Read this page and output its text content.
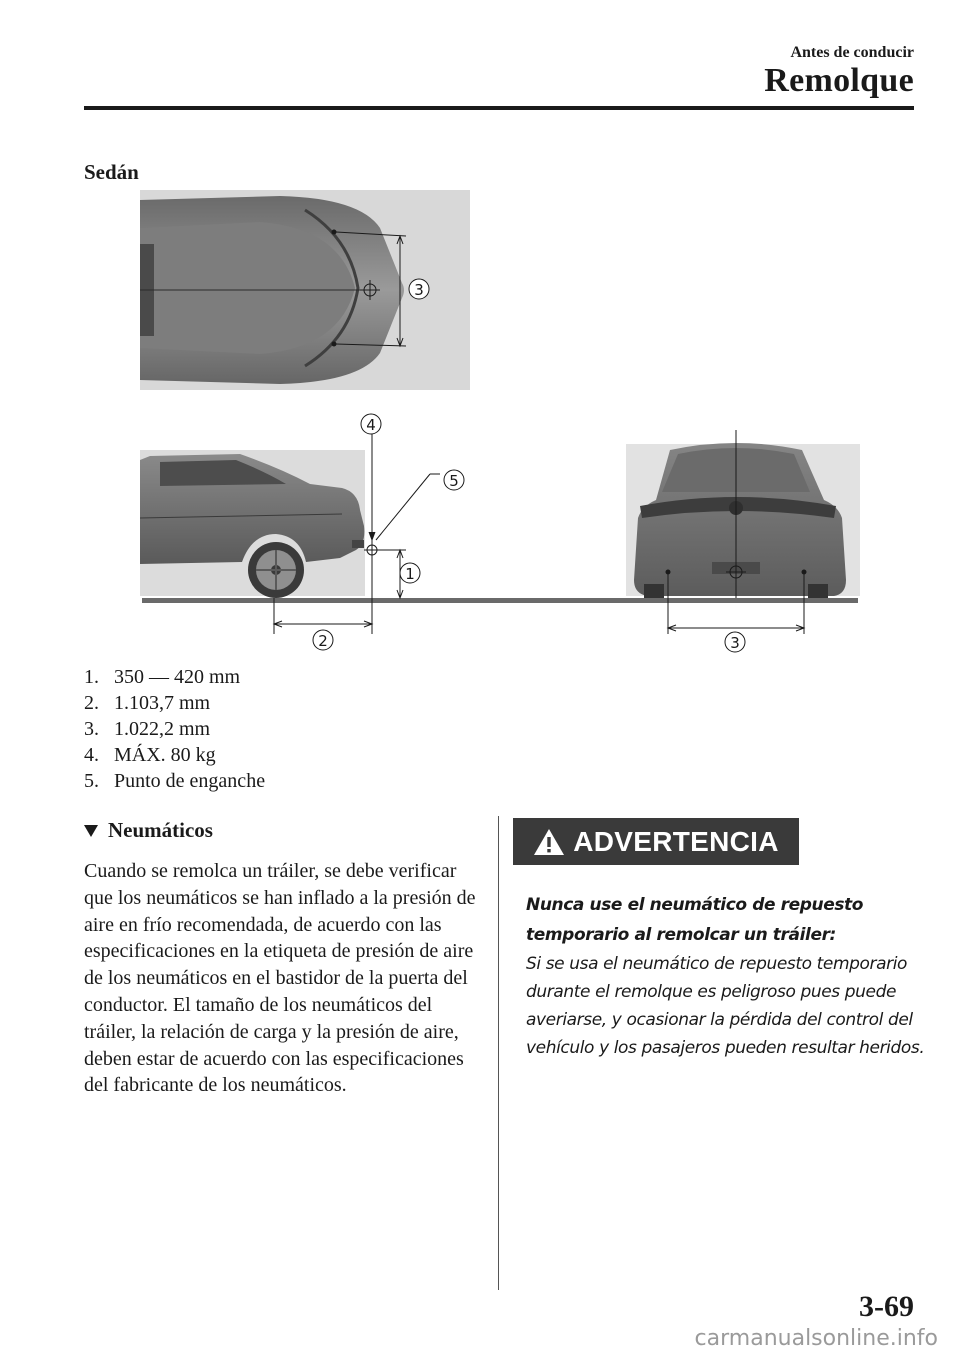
Antes de conducir
Remolque
Sedán
3
4
5
1
2	3
1. 350 ― 420 mm
2. 1.103,7 mm
3. 1.022,2 mm
4. MÁX. 80 kg
5. Punto de enganche
Neumáticos
Cuando se remolca un tráiler, se debe verificar que los neumáticos se han inflado a la presión de aire en frío recomendada, de acuerdo con las especificaciones en la etiqueta de presión de aire de los neumáticos en el bastidor de la puerta del conductor. El tamaño de los neumáticos del tráiler, la relación de carga y la presión de aire, deben estar de acuerdo con las especificaciones del fabricante de los neumáticos.
ADVERTENCIA
Nunca use el neumático de repuesto temporario al remolcar un tráiler:
Si se usa el neumático de repuesto temporario durante el remolque es peligroso pues puede averiarse, y ocasionar la pérdida del control del vehículo y los pasajeros pueden resultar heridos.
3-69
carmanualsonline.info
